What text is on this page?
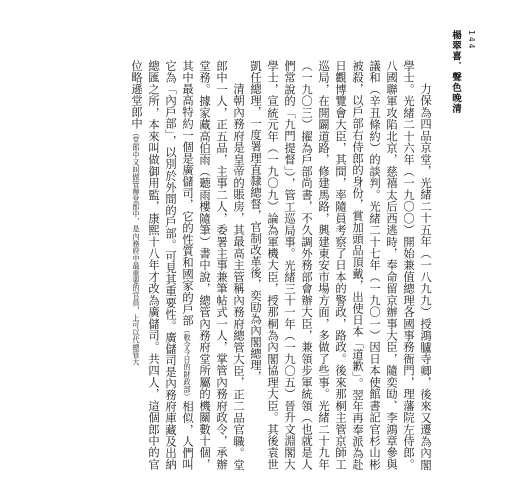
楊翠喜．聲色晚清 144

力保為四品京堂，光緒二十五年（一八九九）授鴻臚寺卿，後來又遷為內閣學士。光緒二十六年（一九〇〇）開始兼值總理各國事務衙門，理藩院左侍郎。八國聯軍攻陷北京，慈禧太后西逃時，奉命留京辦事大臣，隨奕劻、李鴻章參與議和（辛丑條約）的談判。光緒二十七年（一九〇一）因日本使館書記官杉山彬被殺，以戶部右侍郎的身份，賞加頭品頂戴，出使日本「道歉」。翌年再奉派為赴日觀博覽會大臣，其間，率隨員考察了日本的警政，路政。後來那桐主管京師工巡局，在開闢道路，修建馬路，興建東安市場方面，多做了些事。光緒二十九年（一九〇三）擢為戶部尚書，不久調外務部會辦大臣，兼領步軍統領（也就是人們常說的「九門提督」），管工巡局事。光緒三十一年（一九〇五）晉升文淵閣大學士，宣統元年（一九〇九）論為軍機大臣，授那桐為內閣協理大臣。其後袁世凱任總理，一度署理直隸總督，官制改革後，奕劻為內閣總理，

清朝內務府是皇帝的賬房，其最高主管稱內務府總管大臣，正二品官職。堂郎中一人，正五品，主事二人，委署主事兼筆帖式一人，掌管內務府政令，承辦堂務。據家藏高伯雨（聽雨樓隨筆）書中說，總管內務府堂所屬的機關數十個，其中最高特約一個是廣儲司，它的性質和國家的戶部（敕令今日的財政部）相似，人們叫它為「內戶部」，以別於外間的戶部。可見其重要性。廣儲司是內務府庫藏及出納總匯之所，本來叫做御用監，康熙十八年才改為廣儲司。共四人，這個郎中的官位略遜堂郎中（堂郎中又叫做管辦堂郎中，是內務府中最重要的官員，上可以代總管大
